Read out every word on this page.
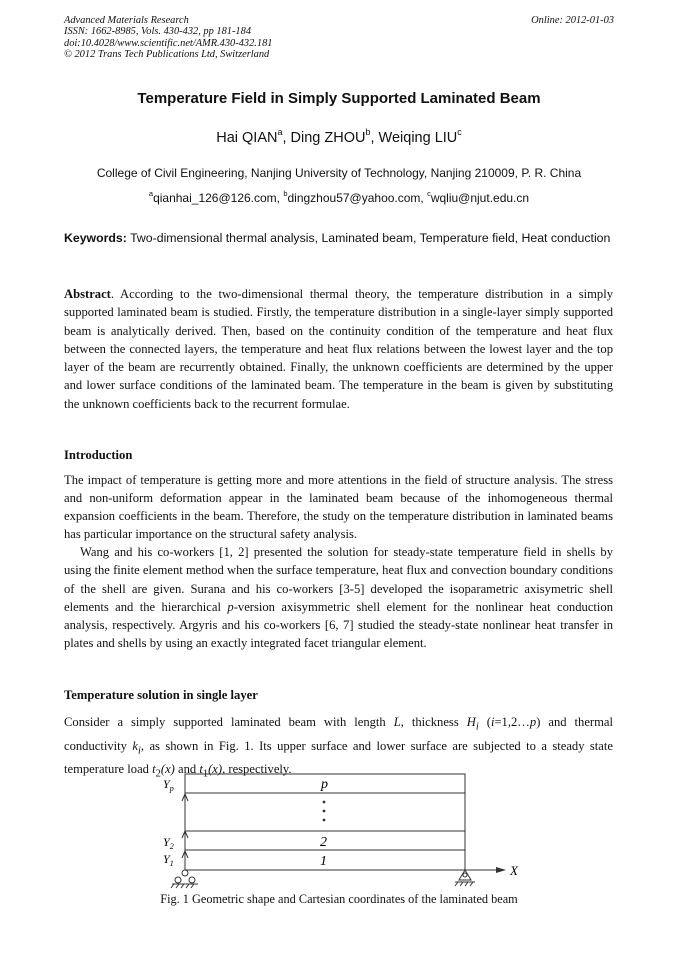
Advanced Materials Research
ISSN: 1662-8985, Vols. 430-432, pp 181-184
doi:10.4028/www.scientific.net/AMR.430-432.181
© 2012 Trans Tech Publications Ltd, Switzerland
Online: 2012-01-03
Temperature Field in Simply Supported Laminated Beam
Hai QIAN$^a$, Ding ZHOU$^b$, Weiqing LIU$^c$
College of Civil Engineering, Nanjing University of Technology, Nanjing 210009, P. R. China
$^a$qianhai_126@126.com, $^b$dingzhou57@yahoo.com, $^c$wqliu@njut.edu.cn
Keywords: Two-dimensional thermal analysis, Laminated beam, Temperature field, Heat conduction
Abstract. According to the two-dimensional thermal theory, the temperature distribution in a simply supported laminated beam is studied. Firstly, the temperature distribution in a single-layer simply supported beam is analytically derived. Then, based on the continuity condition of the temperature and heat flux between the connected layers, the temperature and heat flux relations between the lowest layer and the top layer of the beam are recurrently obtained. Finally, the unknown coefficients are determined by the upper and lower surface conditions of the laminated beam. The temperature in the beam is given by substituting the unknown coefficients back to the recurrent formulae.
Introduction

The impact of temperature is getting more and more attentions in the field of structure analysis. The stress and non-uniform deformation appear in the laminated beam because of the inhomogeneous thermal expansion coefficients in the beam. Therefore, the study on the temperature distribution in laminated beams has particular importance on the structural safety analysis.

Wang and his co-workers [1, 2] presented the solution for steady-state temperature field in shells by using the finite element method when the surface temperature, heat flux and convection boundary conditions of the shell are given. Surana and his co-workers [3-5] developed the isoparametric axisymetric shell elements and the hierarchical p-version axisymmetric shell element for the nonlinear heat conduction analysis, respectively. Argyris and his co-workers [6, 7] studied the steady-state nonlinear heat transfer in plates and shells by using an exactly integrated facet triangular element.

Temperature solution in single layer
Consider a simply supported laminated beam with length L, thickness $H_i$ (i=1,2…p) and thermal conductivity $k_i$, as shown in Fig. 1. Its upper surface and lower surface are subjected to a steady state temperature load $t_2(x)$ and $t_1(x)$, respectively.
X
$Y_p$
$Y_2$
$Y_1$
p
2
1
Fig. 1 Geometric shape and Cartesian coordinates of the laminated beam
